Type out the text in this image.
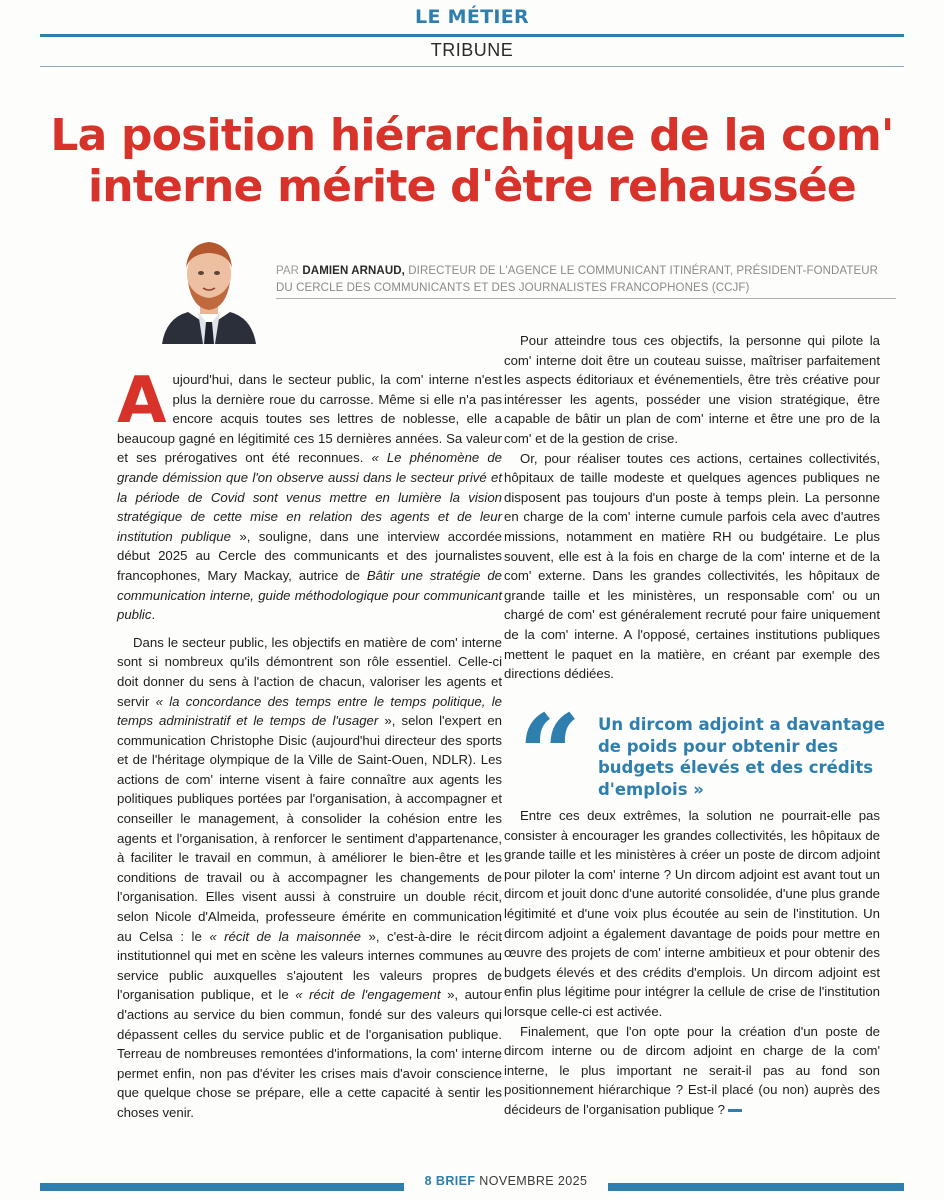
LE MÉTIER
TRIBUNE
La position hiérarchique de la com' interne mérite d'être rehaussée
PAR DAMIEN ARNAUD, DIRECTEUR DE L'AGENCE LE COMMUNICANT ITINÉRANT, PRÉSIDENT-FONDATEUR DU CERCLE DES COMMUNICANTS ET DES JOURNALISTES FRANCOPHONES (CCJF)

Aujourd'hui, dans le secteur public, la com' interne n'est plus la dernière roue du carrosse. Même si elle n'a pas encore acquis toutes ses lettres de noblesse, elle a beaucoup gagné en légitimité ces 15 dernières années. Sa valeur et ses prérogatives ont été reconnues. « Le phénomène de grande démission que l'on observe aussi dans le secteur privé et la période de Covid sont venus mettre en lumière la vision stratégique de cette mise en relation des agents et de leur institution publique », souligne, dans une interview accordée début 2025 au Cercle des communicants et des journalistes francophones, Mary Mackay, autrice de Bâtir une stratégie de communication interne, guide méthodologique pour communicant public.

Dans le secteur public, les objectifs en matière de com' interne sont si nombreux qu'ils démontrent son rôle essentiel. Celle-ci doit donner du sens à l'action de chacun, valoriser les agents et servir « la concordance des temps entre le temps politique, le temps administratif et le temps de l'usager », selon l'expert en communication Christophe Disic (aujourd'hui directeur des sports et de l'héritage olympique de la Ville de Saint-Ouen, NDLR). Les actions de com' interne visent à faire connaître aux agents les politiques publiques portées par l'organisation, à accompagner et conseiller le management, à consolider la cohésion entre les agents et l'organisation, à renforcer le sentiment d'appartenance, à faciliter le travail en commun, à améliorer le bien-être et les conditions de travail ou à accompagner les changements de l'organisation. Elles visent aussi à construire un double récit, selon Nicole d'Almeida, professeure émérite en communication au Celsa : le « récit de la maisonnée », c'est-à-dire le récit institutionnel qui met en scène les valeurs internes communes au service public auxquelles s'ajoutent les valeurs propres de l'organisation publique, et le « récit de l'engagement », autour d'actions au service du bien commun, fondé sur des valeurs qui dépassent celles du service public et de l'organisation publique. Terreau de nombreuses remontées d'informations, la com' interne permet enfin, non pas d'éviter les crises mais d'avoir conscience que quelque chose se prépare, elle a cette capacité à sentir les choses venir.

Pour atteindre tous ces objectifs, la personne qui pilote la com' interne doit être un couteau suisse, maîtriser parfaitement les aspects éditoriaux et événementiels, être très créative pour intéresser les agents, posséder une vision stratégique, être capable de bâtir un plan de com' interne et être une pro de la com' et de la gestion de crise.

Or, pour réaliser toutes ces actions, certaines collectivités, hôpitaux de taille modeste et quelques agences publiques ne disposent pas toujours d'un poste à temps plein. La personne en charge de la com' interne cumule parfois cela avec d'autres missions, notamment en matière RH ou budgétaire. Le plus souvent, elle est à la fois en charge de la com' interne et de la com' externe. Dans les grandes collectivités, les hôpitaux de grande taille et les ministères, un responsable com' ou un chargé de com' est généralement recruté pour faire uniquement de la com' interne. A l'opposé, certaines institutions publiques mettent le paquet en la matière, en créant par exemple des directions dédiées.

“	Un dircom adjoint a davantage de poids pour obtenir des budgets élevés et des crédits d'emplois »

Entre ces deux extrêmes, la solution ne pourrait-elle pas consister à encourager les grandes collectivités, les hôpitaux de grande taille et les ministères à créer un poste de dircom adjoint pour piloter la com' interne ? Un dircom adjoint est avant tout un dircom et jouit donc d'une autorité consolidée, d'une plus grande légitimité et d'une voix plus écoutée au sein de l'institution. Un dircom adjoint a également davantage de poids pour mettre en œuvre des projets de com' interne ambitieux et pour obtenir des budgets élevés et des crédits d'emplois. Un dircom adjoint est enfin plus légitime pour intégrer la cellule de crise de l'institution lorsque celle-ci est activée.

Finalement, que l'on opte pour la création d'un poste de dircom interne ou de dircom adjoint en charge de la com' interne, le plus important ne serait-il pas au fond son positionnement hiérarchique ? Est-il placé (ou non) auprès des décideurs de l'organisation publique ?

8 BRIEF NOVEMBRE 2025
